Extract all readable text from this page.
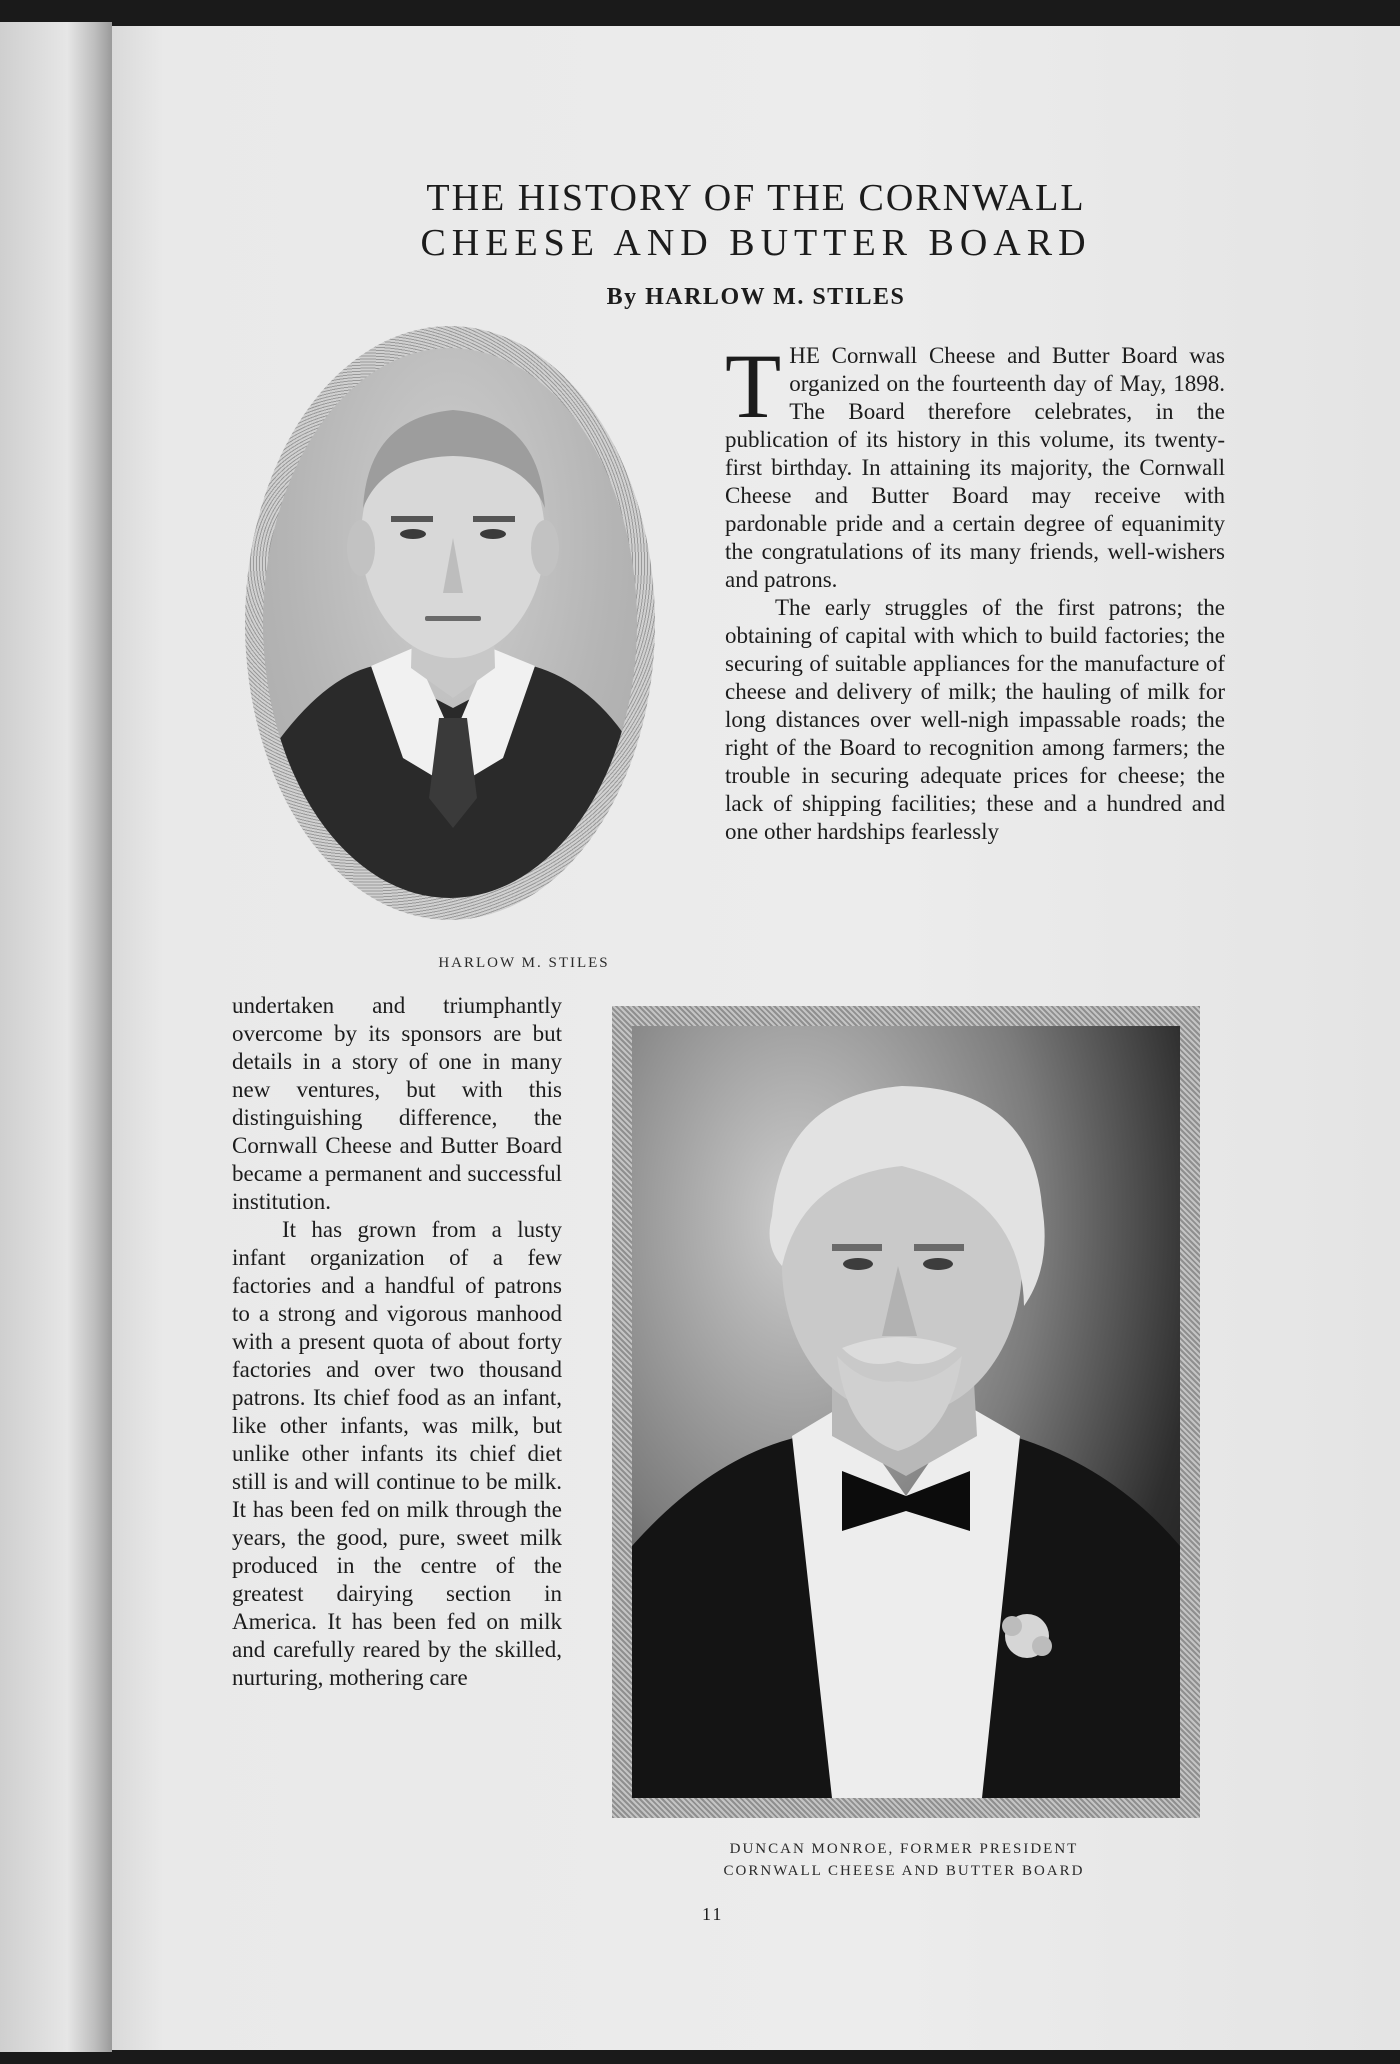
THE HISTORY OF THE CORNWALL
CHEESE AND BUTTER BOARD
By HARLOW M. STILES
HARLOW M. STILES

THE Cornwall Cheese and Butter Board was organized on the fourteenth day of May, 1898. The Board therefore celebrates, in the publication of its history in this volume, its twenty-first birthday. In attaining its majority, the Cornwall Cheese and Butter Board may receive with pardonable pride and a certain degree of equanimity the congratulations of its many friends, well-wishers and patrons.

The early struggles of the first patrons; the obtaining of capital with which to build factories; the securing of suitable appliances for the manufacture of cheese and delivery of milk; the hauling of milk for long distances over well-nigh impassable roads; the right of the Board to recognition among farmers; the trouble in securing adequate prices for cheese; the lack of shipping facilities; these and a hundred and one other hardships fearlessly

undertaken and triumphantly overcome by its sponsors are but details in a story of one in many new ventures, but with this distinguishing difference, the Cornwall Cheese and Butter Board became a permanent and successful institution.

It has grown from a lusty infant organization of a few factories and a handful of patrons to a strong and vigorous manhood with a present quota of about forty factories and over two thousand patrons. Its chief food as an infant, like other infants, was milk, but unlike other infants its chief diet still is and will continue to be milk. It has been fed on milk through the years, the good, pure, sweet milk produced in the centre of the greatest dairying section in America. It has been fed on milk and carefully reared by the skilled, nurturing, mothering care

DUNCAN MONROE, FORMER PRESIDENT
CORNWALL CHEESE AND BUTTER BOARD
11
